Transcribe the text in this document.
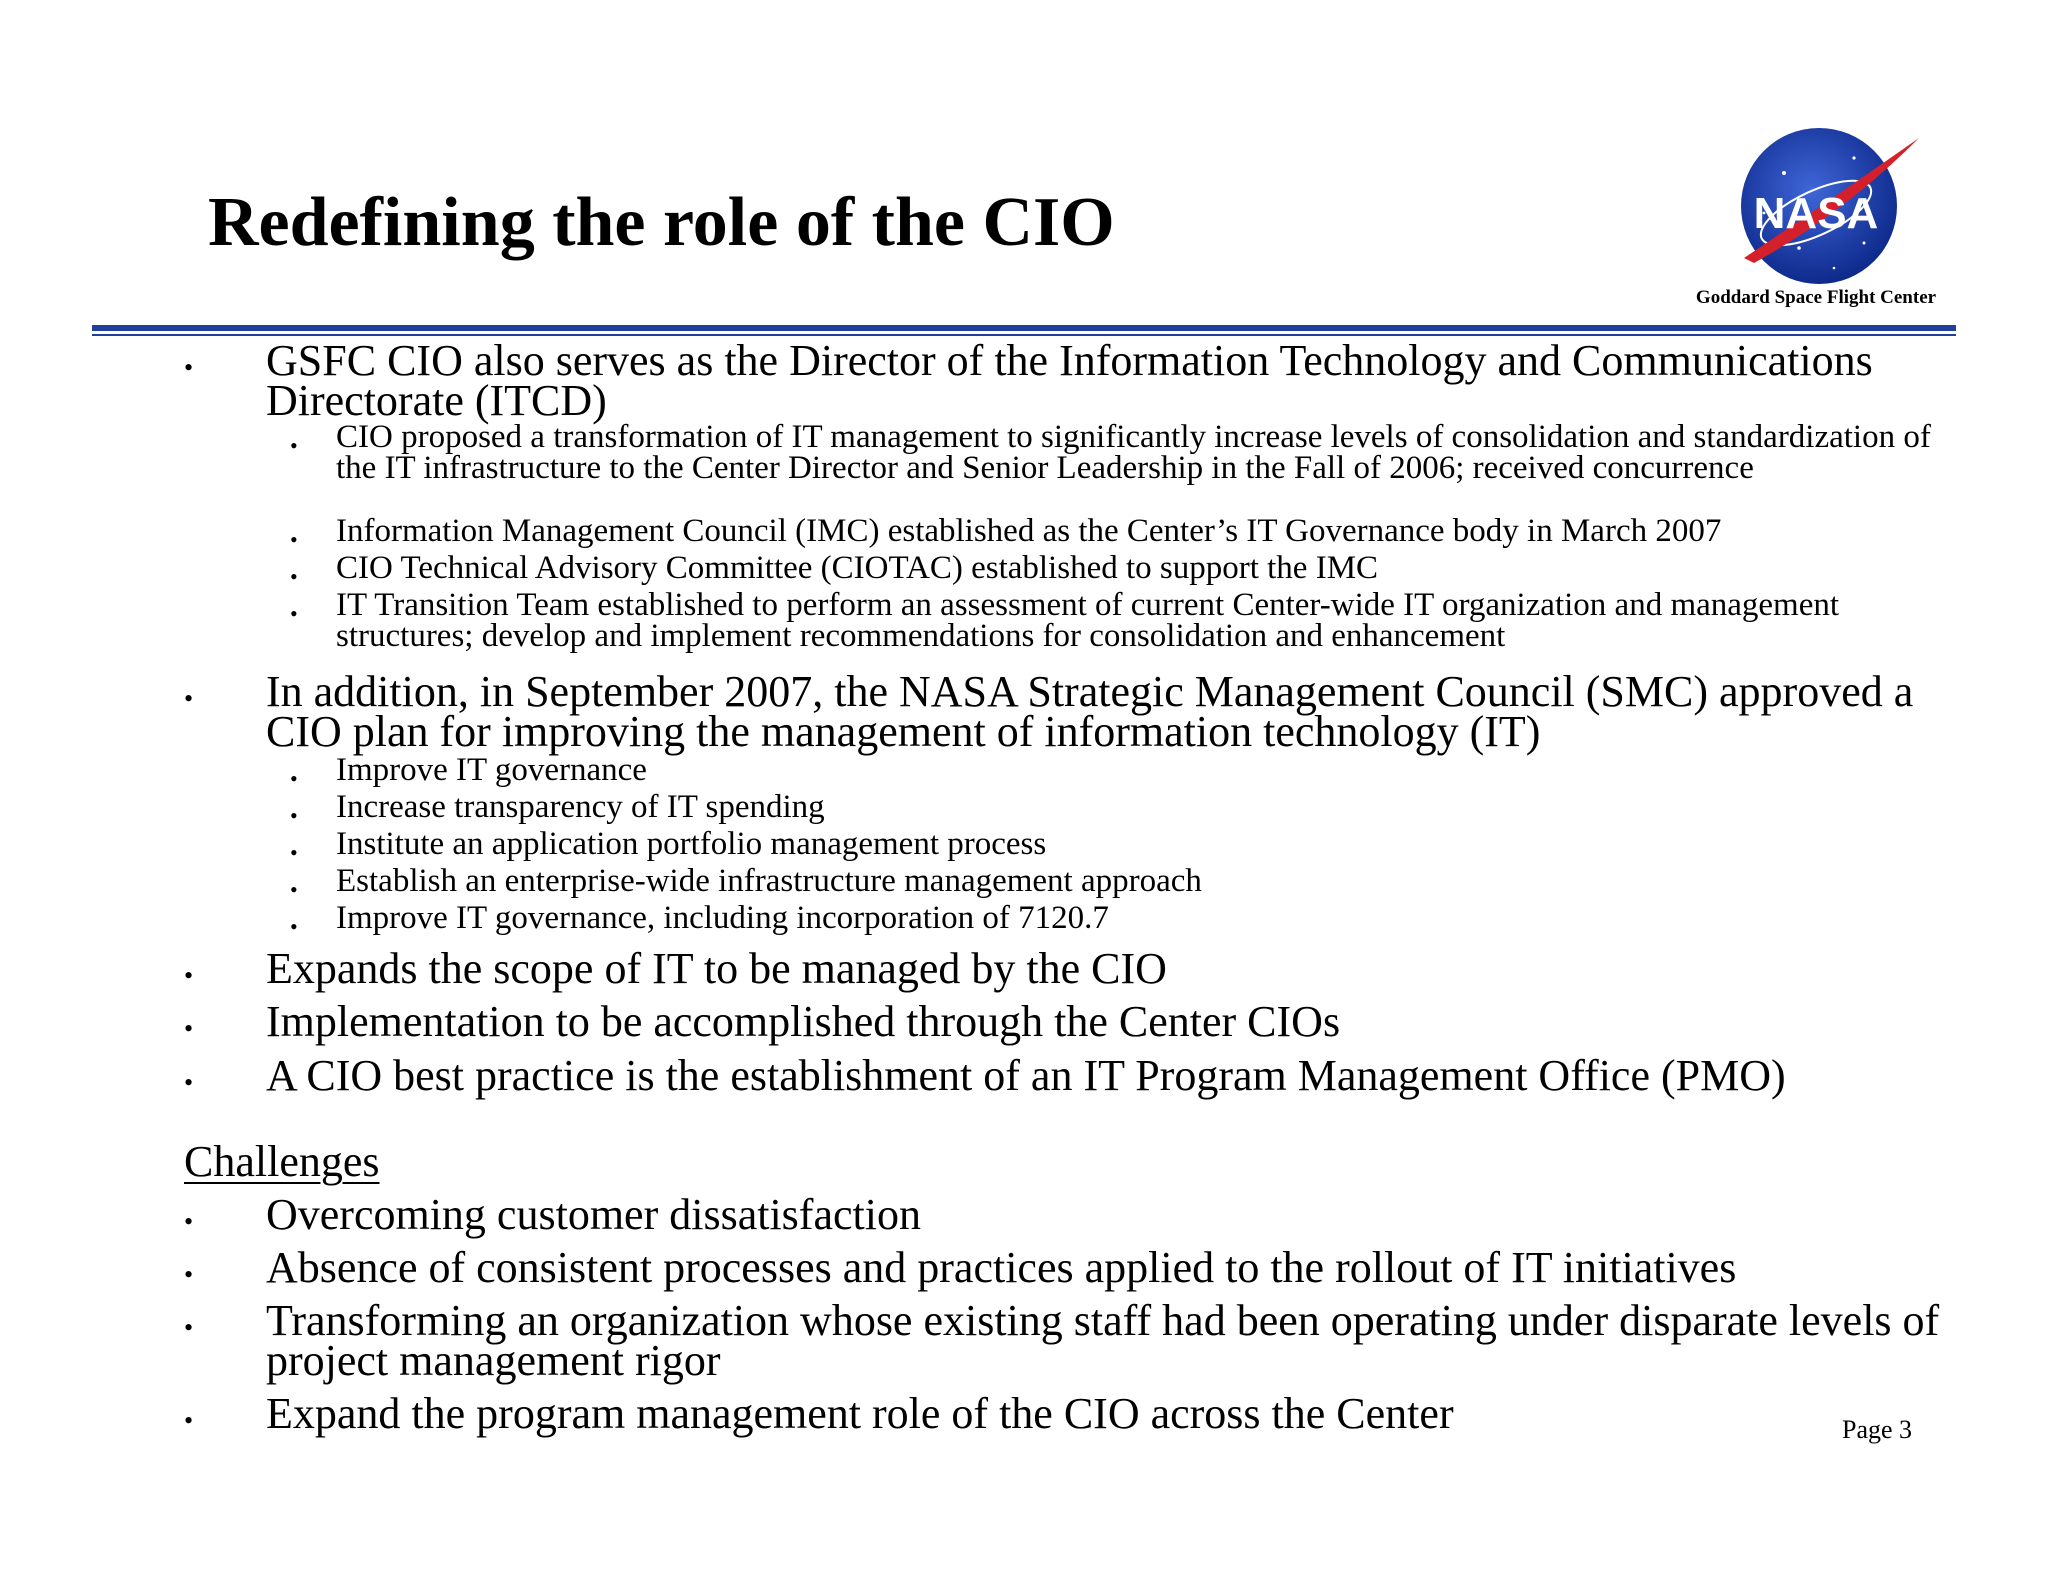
Redefining the role of the CIO	NASA
Goddard Space Flight Center
• GSFC CIO also serves as the Director of the Information Technology and Communications Directorate (ITCD)
• CIO proposed a transformation of IT management to significantly increase levels of consolidation and standardization of the IT infrastructure to the Center Director and Senior Leadership in the Fall of 2006; received concurrence
• Information Management Council (IMC) established as the Center’s IT Governance body in March 2007
• CIO Technical Advisory Committee (CIOTAC) established to support the IMC
• IT Transition Team established to perform an assessment of current Center-wide IT organization and management structures; develop and implement recommendations for consolidation and enhancement
• In addition, in September 2007, the NASA Strategic Management Council (SMC) approved a CIO plan for improving the management of information technology (IT)
• Improve IT governance
• Increase transparency of IT spending
• Institute an application portfolio management process
• Establish an enterprise-wide infrastructure management approach
• Improve IT governance, including incorporation of 7120.7
• Expands the scope of IT to be managed by the CIO
• Implementation to be accomplished through the Center CIOs
• A CIO best practice is the establishment of an IT Program Management Office (PMO)
Challenges
• Overcoming customer dissatisfaction
• Absence of consistent processes and practices applied to the rollout of IT initiatives
• Transforming an organization whose existing staff had been operating under disparate levels of project management rigor
• Expand the program management role of the CIO across the Center	Page 3
